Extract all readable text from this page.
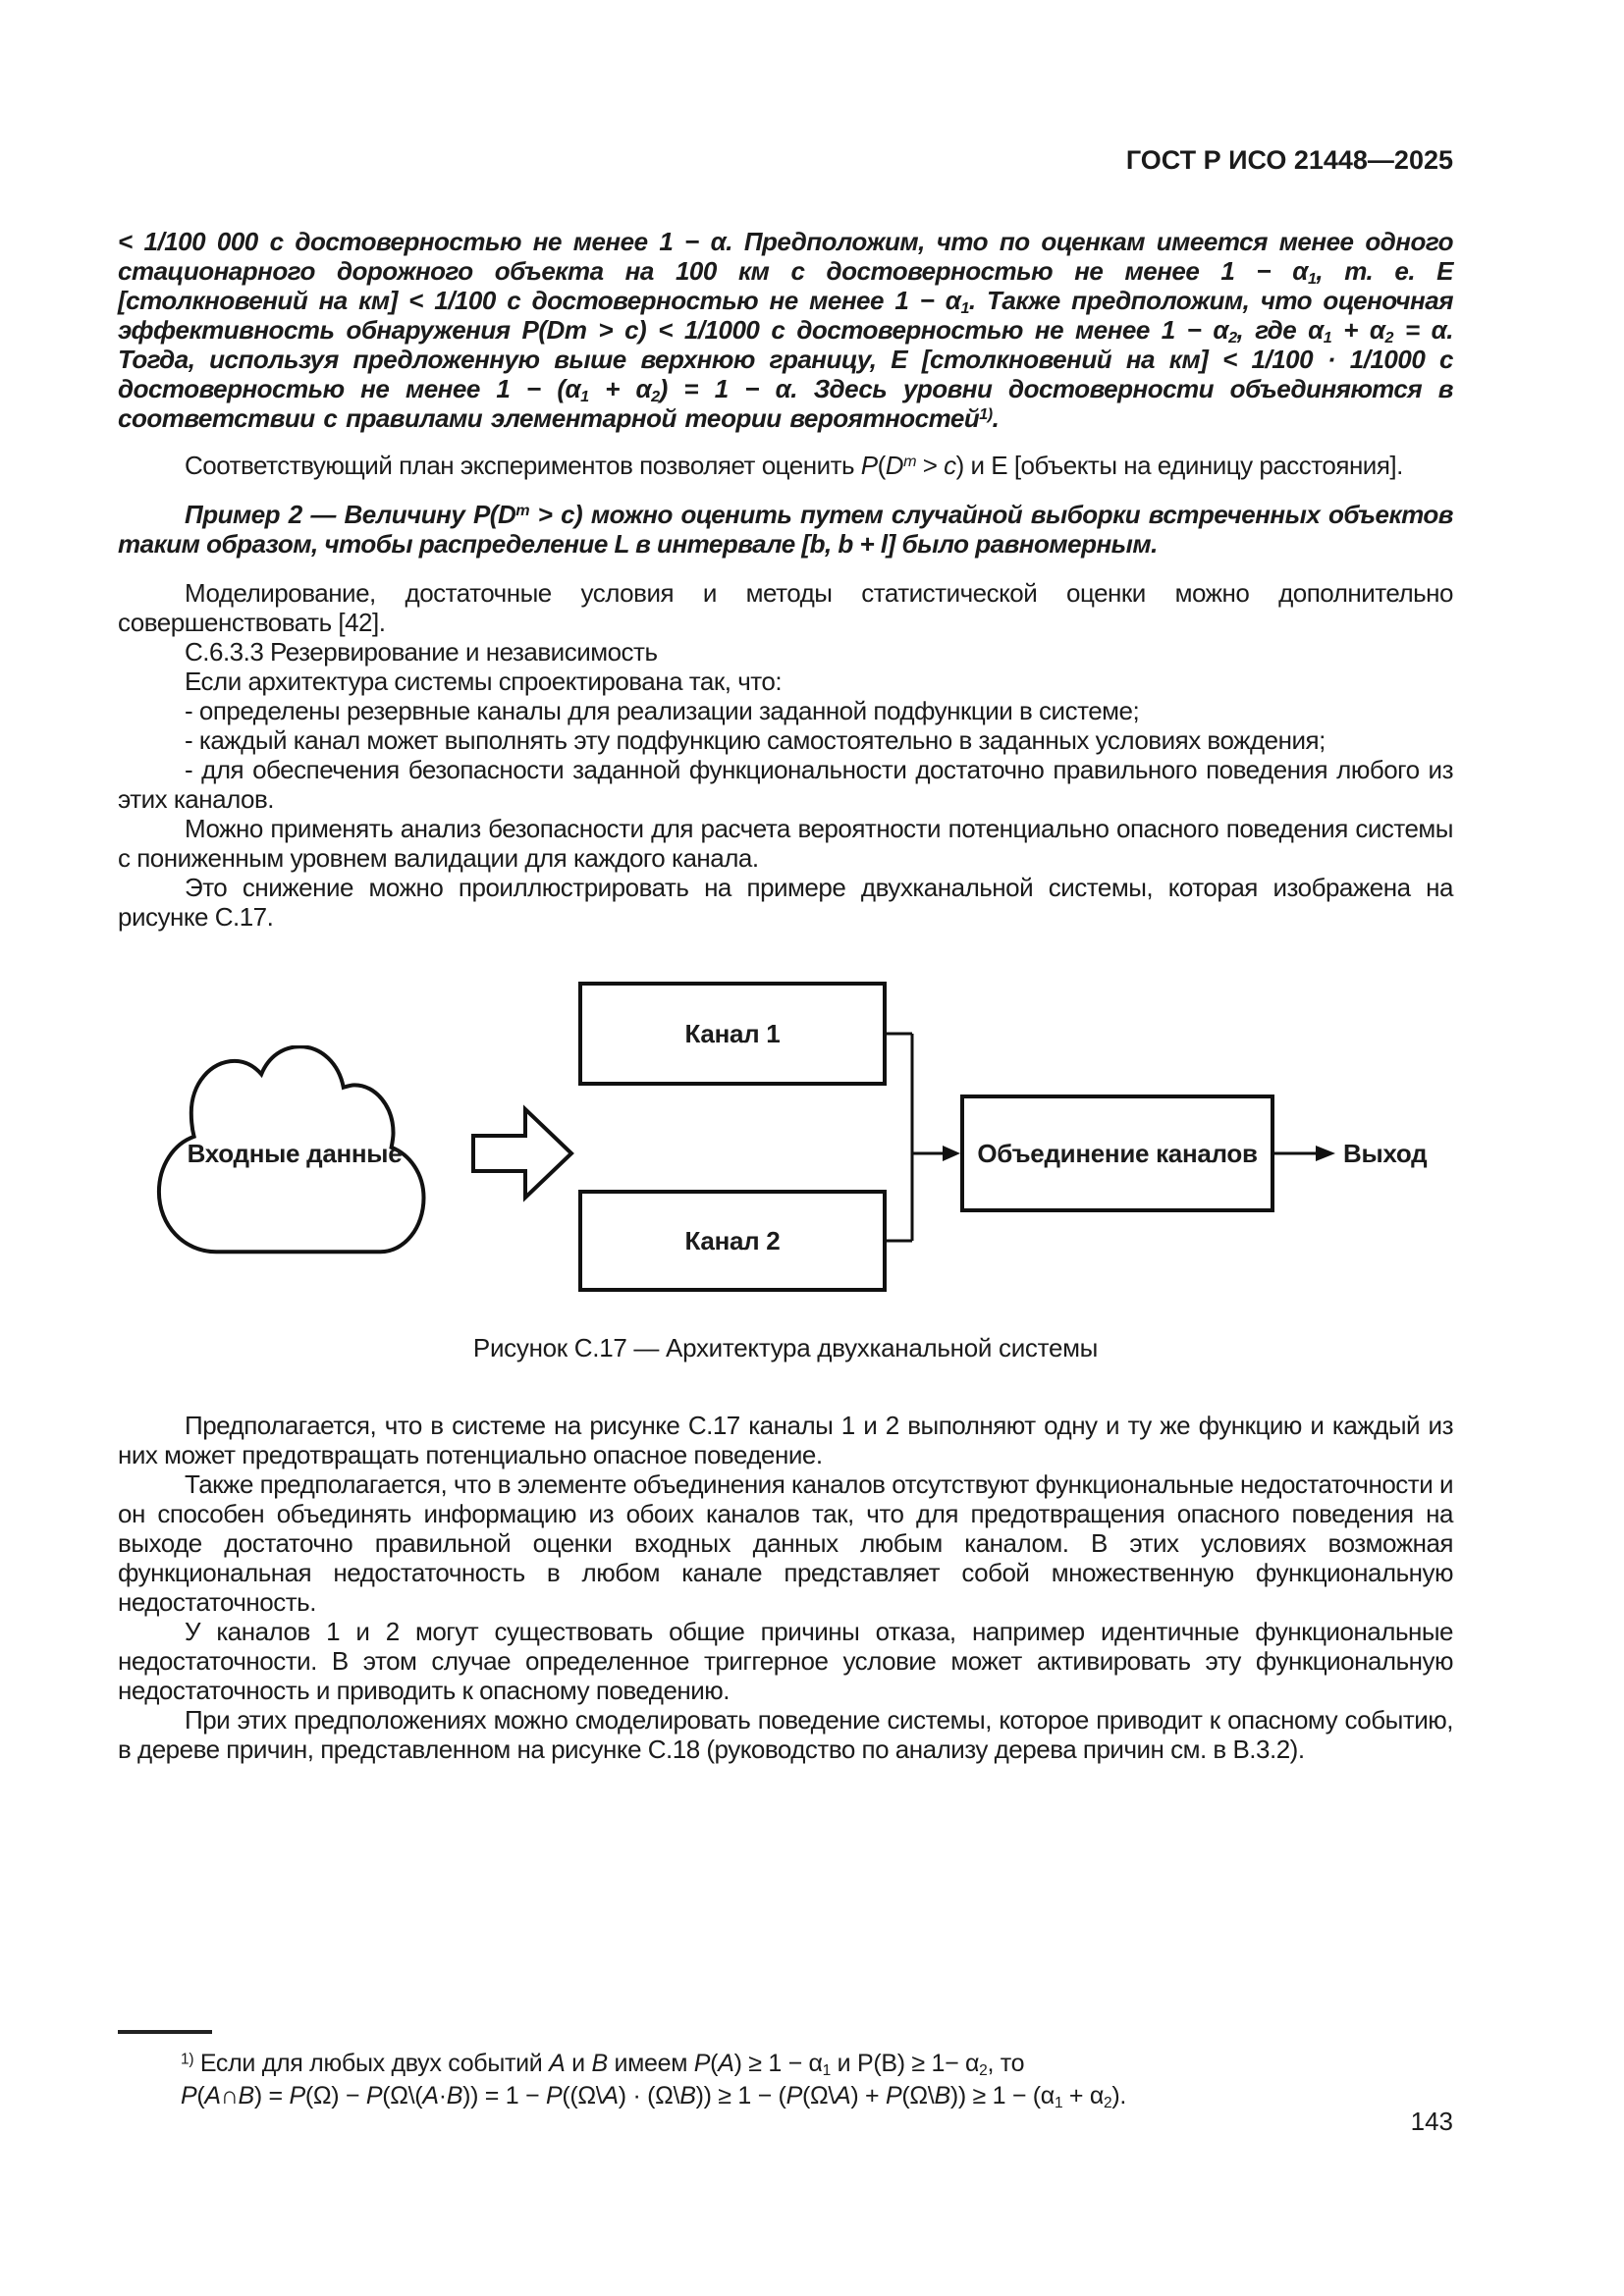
ГОСТ Р ИСО 21448—2025

< 1/100 000 с достоверностью не менее 1 − α. Предположим, что по оценкам имеется менее одного стационарного дорожного объекта на 100 км с достоверностью не менее $1 - \alpha_1$, т. е. Е [столкновений на км] < 1/100 с достоверностью не менее $1 - \alpha_1$. Также предположим, что оценочная эффективность обнаружения P(Dm > c) < 1/1000 с достоверностью не менее $1 - \alpha_2$, где $\alpha_1 + \alpha_2 = \alpha$. Тогда, используя предложенную выше верхнюю границу, Е [столкновений на км] < 1/100 · 1/1000 с достоверностью не менее $1 - (\alpha_1 + \alpha_2) = 1 - \alpha$. Здесь уровни достоверности объединяются в соответствии с правилами элементарной теории вероятностей$^{1)}$.

Соответствующий план экспериментов позволяет оценить $P(D^m > c)$ и Е [объекты на единицу расстояния].

Пример 2 — Величину $P(D^m > c)$ можно оценить путем случайной выборки встреченных объектов таким образом, чтобы распределение L в интервале [b, b + l] было равномерным.

Моделирование, достаточные условия и методы статистической оценки можно дополнительно совершенствовать [42].

С.6.3.3 Резервирование и независимость

Если архитектура системы спроектирована так, что:

- определены резервные каналы для реализации заданной подфункции в системе;

- каждый канал может выполнять эту подфункцию самостоятельно в заданных условиях вождения;

- для обеспечения безопасности заданной функциональности достаточно правильного поведения любого из этих каналов.

Можно применять анализ безопасности для расчета вероятности потенциально опасного поведения системы с пониженным уровнем валидации для каждого канала.

Это снижение можно проиллюстрировать на примере двухканальной системы, которая изображена на рисунке С.17.

Входные данные
Канал 1
Канал 2
Объединение каналов	Выход
Рисунок С.17 — Архитектура двухканальной системы

Предполагается, что в системе на рисунке С.17 каналы 1 и 2 выполняют одну и ту же функцию и каждый из них может предотвращать потенциально опасное поведение.

Также предполагается, что в элементе объединения каналов отсутствуют функциональные недостаточности и он способен объединять информацию из обоих каналов так, что для предотвращения опасного поведения на выходе достаточно правильной оценки входных данных любым каналом. В этих условиях возможная функциональная недостаточность в любом канале представляет собой множественную функциональную недостаточность.

У каналов 1 и 2 могут существовать общие причины отказа, например идентичные функциональные недостаточности. В этом случае определенное триггерное условие может активировать эту функциональную недостаточность и приводить к опасному поведению.

При этих предположениях можно смоделировать поведение системы, которое приводит к опасному событию, в дереве причин, представленном на рисунке С.18 (руководство по анализу дерева причин см. в В.3.2).

$^{1)}$ Если для любых двух событий А и В имеем $Р(А) \ge 1 - \alpha_1$ и $Р(В) \ge 1- \alpha_2$, то

Р(А∩В) = Р(Ω) − Р(Ω\(А·В)) = 1 − Р((Ω\А) · (Ω\В)) ≥ 1 − (Р(Ω\А) + Р(Ω\В)) ≥ $1 - (\alpha_1 + \alpha_2)$.

143
